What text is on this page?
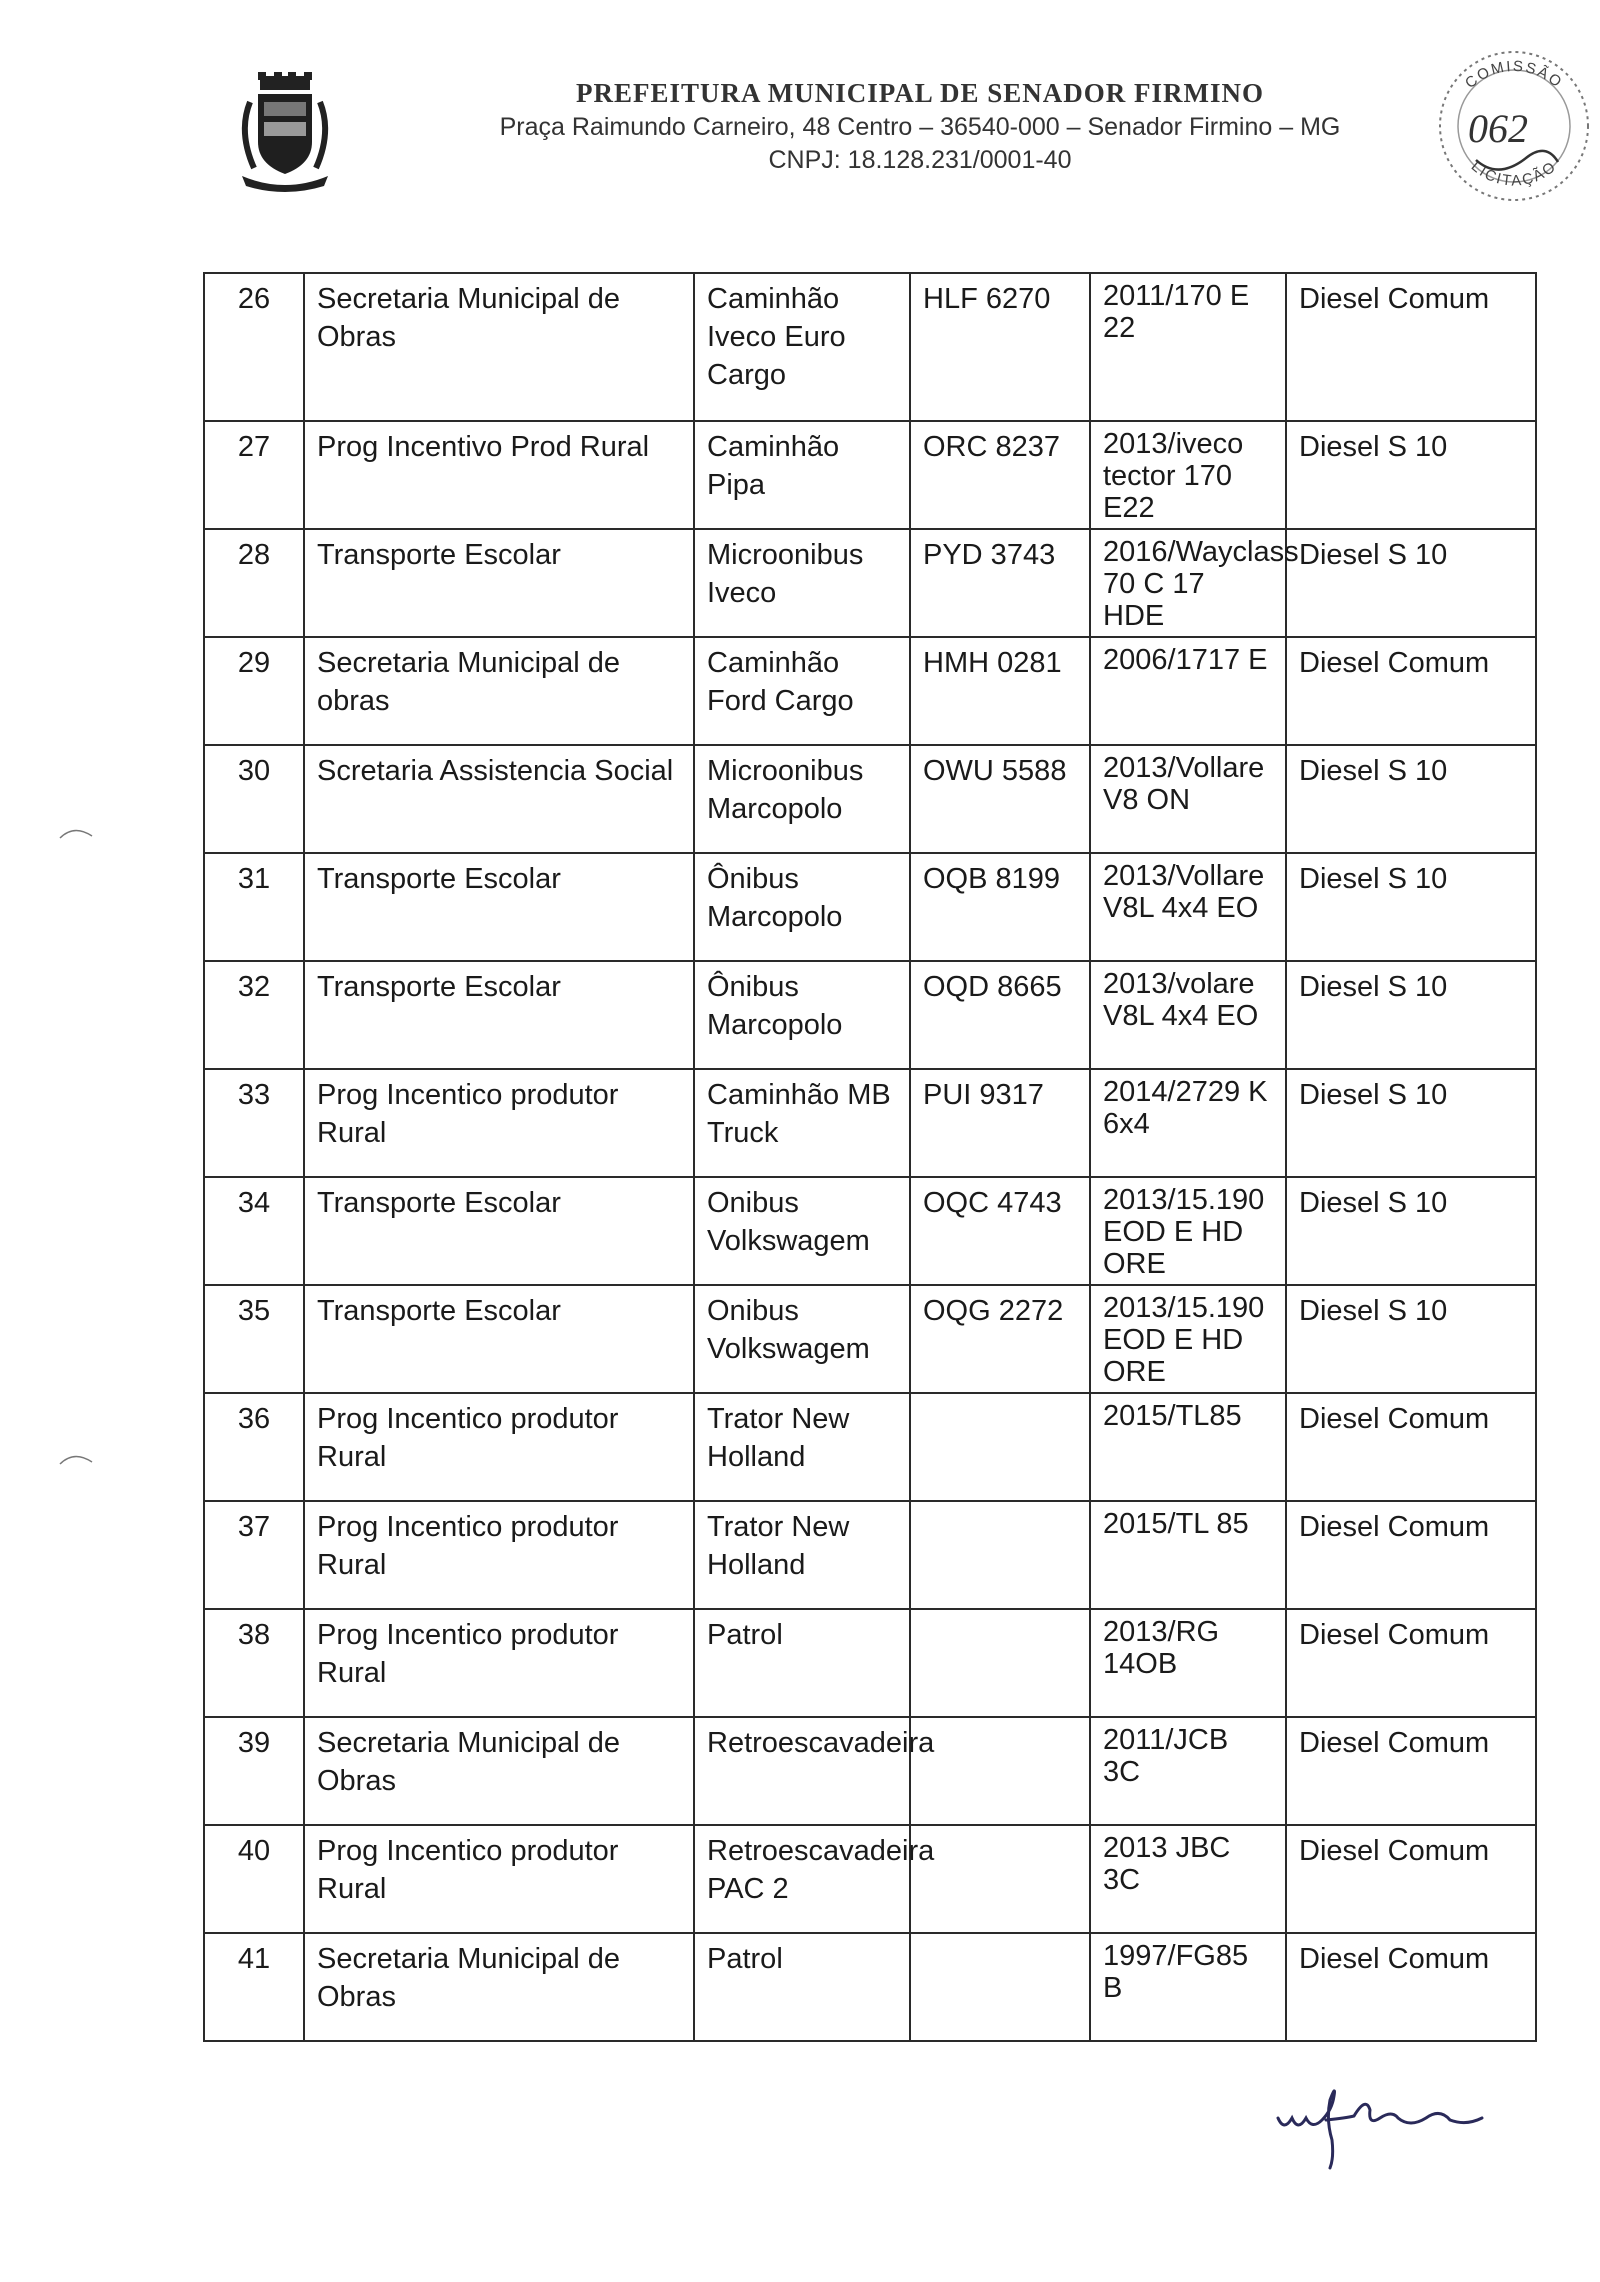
PREFEITURA MUNICIPAL DE SENADOR FIRMINO
Praça Raimundo Carneiro, 48 Centro – 36540-000 – Senador Firmino – MG
CNPJ: 18.128.231/0001-40
COMISSÃO
LICITAÇÃO
062
26	Secretaria Municipal de Obras	Caminhão Iveco Euro Cargo	HLF 6270	2011/170 E 22	Diesel Comum
27	Prog Incentivo Prod Rural	Caminhão Pipa	ORC 8237	2013/iveco tector 170 E22	Diesel S 10
28	Transporte Escolar	Microonibus Iveco	PYD 3743	2016/Wayclass 70 C 17 HDE	Diesel S 10
29	Secretaria Municipal de obras	Caminhão Ford Cargo	HMH 0281	2006/1717 E	Diesel Comum
30	Scretaria Assistencia Social	Microonibus Marcopolo	OWU 5588	2013/Vollare V8 ON	Diesel S 10
31	Transporte Escolar	Ônibus Marcopolo	OQB 8199	2013/Vollare V8L 4x4 EO	Diesel S 10
32	Transporte Escolar	Ônibus Marcopolo	OQD 8665	2013/volare V8L 4x4 EO	Diesel S 10
33	Prog Incentico produtor Rural	Caminhão MB Truck	PUI 9317	2014/2729 K 6x4	Diesel S 10
34	Transporte Escolar	Onibus Volkswagem	OQC 4743	2013/15.190 EOD E HD ORE	Diesel S 10
35	Transporte Escolar	Onibus Volkswagem	OQG 2272	2013/15.190 EOD E HD ORE	Diesel S 10
36	Prog Incentico produtor Rural	Trator New Holland		2015/TL85	Diesel Comum
37	Prog Incentico produtor Rural	Trator New Holland		2015/TL 85	Diesel Comum
38	Prog Incentico produtor Rural	Patrol		2013/RG 14OB	Diesel Comum
39	Secretaria Municipal de Obras	Retroescavadeira		2011/JCB 3C	Diesel Comum
40	Prog Incentico produtor Rural	Retroescavadeira PAC 2		2013 JBC 3C	Diesel Comum
41	Secretaria Municipal de Obras	Patrol		1997/FG85 B	Diesel Comum
